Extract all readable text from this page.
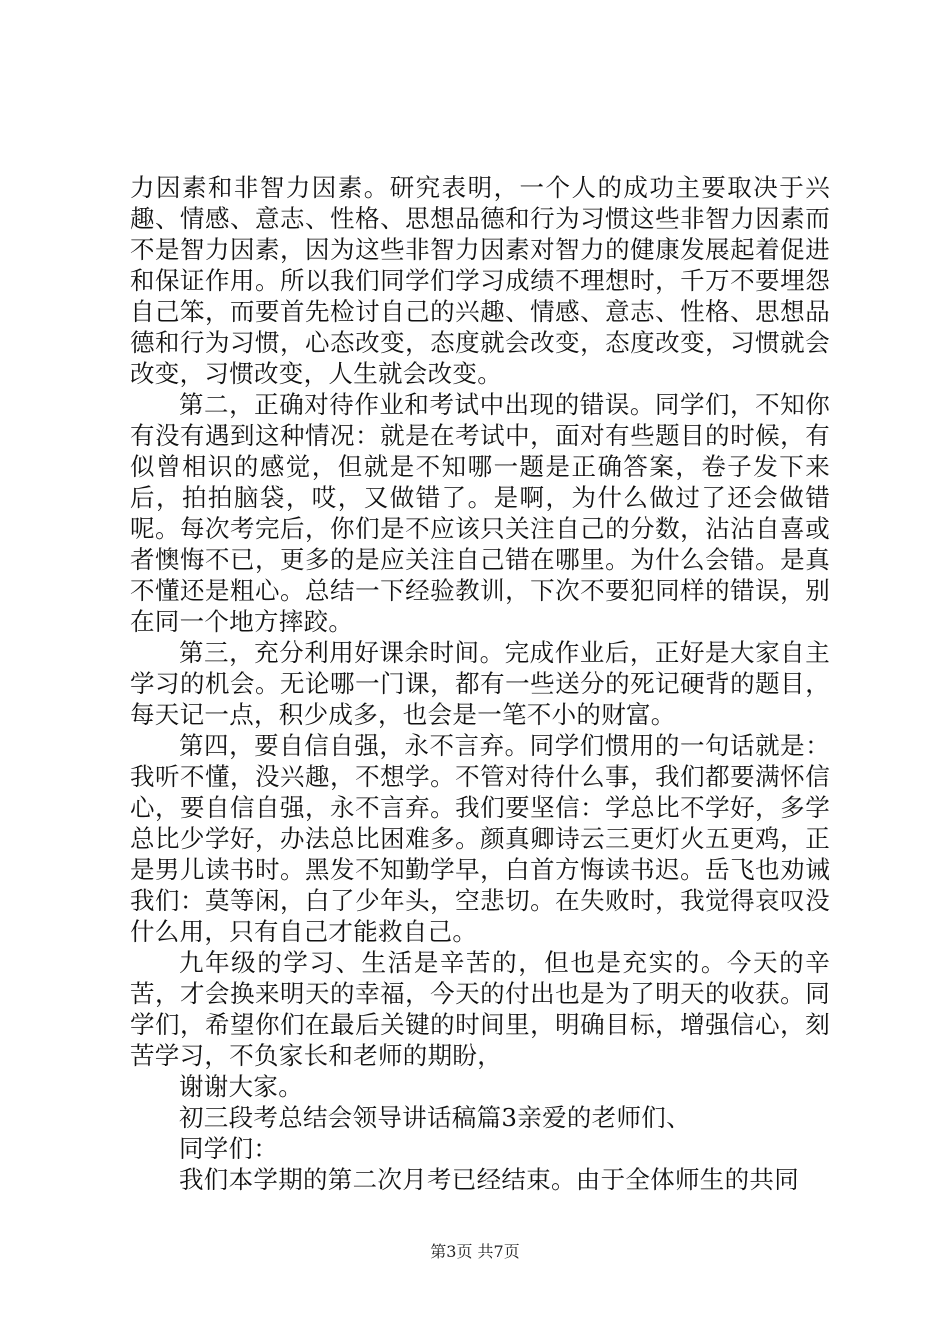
力因素和非智力因素。研究表明，一个人的成功主要取决于兴趣、情感、意志、性格、思想品德和行为习惯这些非智力因素而不是智力因素，因为这些非智力因素对智力的健康发展起着促进和保证作用。所以我们同学们学习成绩不理想时，千万不要埋怨自己笨，而要首先检讨自己的兴趣、情感、意志、性格、思想品德和行为习惯，心态改变，态度就会改变，态度改变，习惯就会改变，习惯改变，人生就会改变。

第二，正确对待作业和考试中出现的错误。同学们，不知你有没有遇到这种情况：就是在考试中，面对有些题目的时候，有似曾相识的感觉，但就是不知哪一题是正确答案，卷子发下来后，拍拍脑袋，哎，又做错了。是啊，为什么做过了还会做错呢。每次考完后，你们是不应该只关注自己的分数，沾沾自喜或者懊悔不已，更多的是应关注自己错在哪里。为什么会错。是真不懂还是粗心。总结一下经验教训，下次不要犯同样的错误，别在同一个地方摔跤。

第三，充分利用好课余时间。完成作业后，正好是大家自主学习的机会。无论哪一门课，都有一些送分的死记硬背的题目，每天记一点，积少成多，也会是一笔不小的财富。

第四，要自信自强，永不言弃。同学们惯用的一句话就是：我听不懂，没兴趣，不想学。不管对待什么事，我们都要满怀信心，要自信自强，永不言弃。我们要坚信：学总比不学好，多学总比少学好，办法总比困难多。颜真卿诗云三更灯火五更鸡，正是男儿读书时。黑发不知勤学早，白首方悔读书迟。岳飞也劝诫我们：莫等闲，白了少年头，空悲切。在失败时，我觉得哀叹没什么用，只有自己才能救自己。

九年级的学习、生活是辛苦的，但也是充实的。今天的辛苦，才会换来明天的幸福，今天的付出也是为了明天的收获。同学们，希望你们在最后关键的时间里，明确目标，增强信心，刻苦学习，不负家长和老师的期盼，

谢谢大家。

初三段考总结会领导讲话稿篇3亲爱的老师们、

同学们：

我们本学期的第二次月考已经结束。由于全体师生的共同

第3页 共7页
